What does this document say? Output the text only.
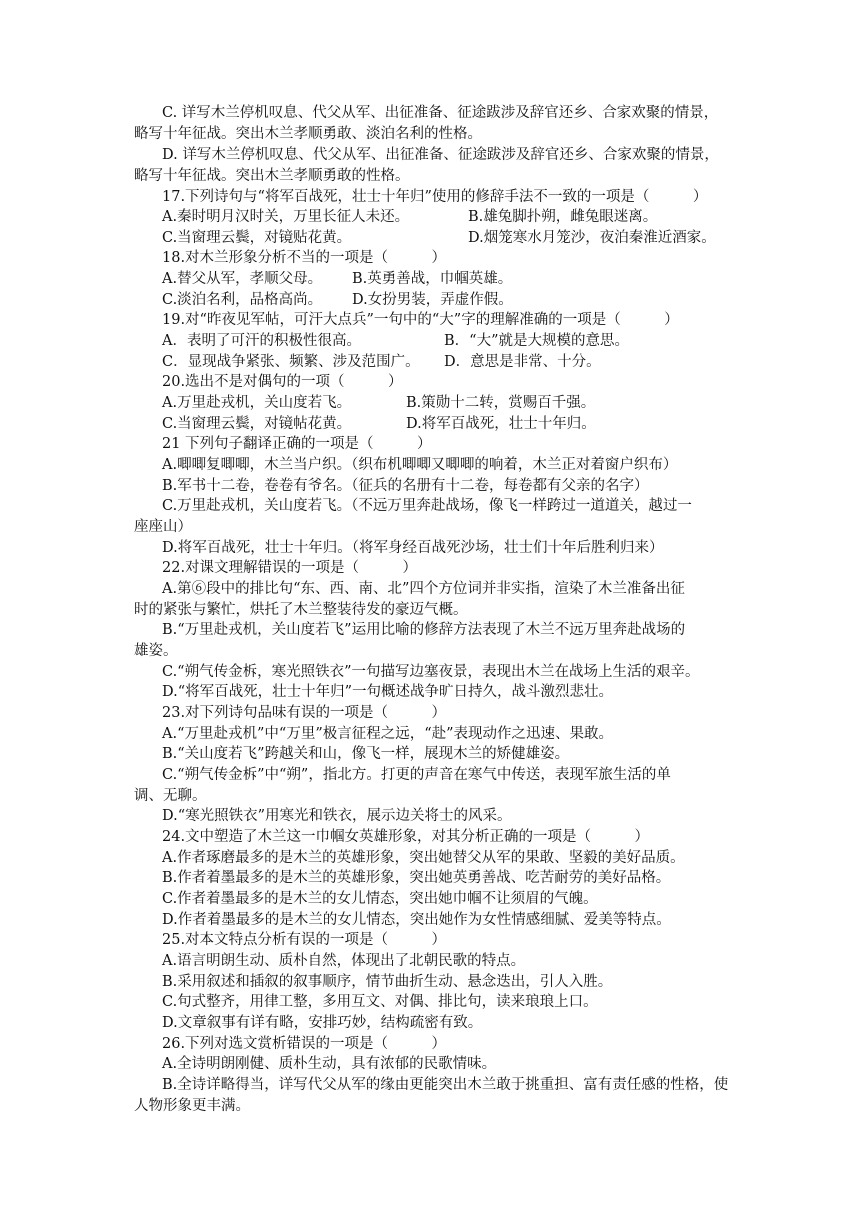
C. 详写木兰停机叹息、代父从军、出征准备、征途跋涉及辞官还乡、合家欢聚的情景，
略写十年征战。突出木兰孝顺勇敢、淡泊名利的性格。
D. 详写木兰停机叹息、代父从军、出征准备、征途跋涉及辞官还乡、合家欢聚的情景，
略写十年征战。突出木兰孝顺勇敢的性格。
17.下列诗句与“将军百战死，壮士十年归”使用的修辞手法不一致的一项是（　　　）
A.秦时明月汉时关，万里长征人未还。	B.雄兔脚扑朔，雌兔眼迷离。
C.当窗理云鬓，对镜贴花黄。	D.烟笼寒水月笼沙，夜泊秦淮近酒家。
18.对木兰形象分析不当的一项是（　　　）
A.替父从军，孝顺父母。 B.英勇善战，巾帼英雄。
C.淡泊名利，品格高尚。 D.女扮男装，弄虚作假。
19.对“昨夜见军帖，可汗大点兵”一句中的“大”字的理解准确的一项是（　　　）
A．表明了可汗的积极性很高。	B．“大”就是大规模的意思。
C．显现战争紧张、频繁、涉及范围广。 D．意思是非常、十分。
20.选出不是对偶句的一项（　　　）
A.万里赴戎机，关山度若飞。	B.策勋十二转，赏赐百千强。
C.当窗理云鬓，对镜帖花黄。	D.将军百战死，壮士十年归。
21 下列句子翻译正确的一项是（　　　）
A.唧唧复唧唧，木兰当户织。（织布机唧唧又唧唧的响着，木兰正对着窗户织布）
B.军书十二卷，卷卷有爷名。（征兵的名册有十二卷，每卷都有父亲的名字）
C.万里赴戎机，关山度若飞。（不远万里奔赴战场，像飞一样跨过一道道关，越过一
座座山）
D.将军百战死，壮士十年归。（将军身经百战死沙场，壮士们十年后胜利归来）
22.对课文理解错误的一项是（　　　）
A.第⑥段中的排比句“东、西、南、北”四个方位词并非实指，渲染了木兰准备出征
时的紧张与繁忙，烘托了木兰整装待发的豪迈气概。
B.“万里赴戎机，关山度若飞”运用比喻的修辞方法表现了木兰不远万里奔赴战场的
雄姿。
C.“朔气传金柝，寒光照铁衣”一句描写边塞夜景，表现出木兰在战场上生活的艰辛。
D.“将军百战死，壮士十年归”一句概述战争旷日持久，战斗激烈悲壮。
23.对下列诗句品味有误的一项是（　　　）
A.“万里赴戎机”中“万里”极言征程之远，“赴”表现动作之迅速、果敢。
B.“关山度若飞”跨越关和山，像飞一样，展现木兰的矫健雄姿。
C.“朔气传金柝”中“朔”，指北方。打更的声音在寒气中传送，表现军旅生活的单
调、无聊。
D.“寒光照铁衣”用寒光和铁衣，展示边关将士的风采。
24.文中塑造了木兰这一巾帼女英雄形象，对其分析正确的一项是（　　　）
A.作者琢磨最多的是木兰的英雄形象，突出她替父从军的果敢、坚毅的美好品质。
B.作者着墨最多的是木兰的英雄形象，突出她英勇善战、吃苦耐劳的美好品格。
C.作者着墨最多的是木兰的女儿情态，突出她巾帼不让须眉的气魄。
D.作者着墨最多的是木兰的女儿情态，突出她作为女性情感细腻、爱美等特点。
25.对本文特点分析有误的一项是（　　　）
A.语言明朗生动、质朴自然，体现出了北朝民歌的特点。
B.采用叙述和插叙的叙事顺序，情节曲折生动、悬念迭出，引人入胜。
C.句式整齐，用律工整，多用互文、对偶、排比句，读来琅琅上口。
D.文章叙事有详有略，安排巧妙，结构疏密有致。
26.下列对选文赏析错误的一项是（　　　）
A.全诗明朗刚健、质朴生动，具有浓郁的民歌情味。
B.全诗详略得当，详写代父从军的缘由更能突出木兰敢于挑重担、富有责任感的性格，使
人物形象更丰满。
